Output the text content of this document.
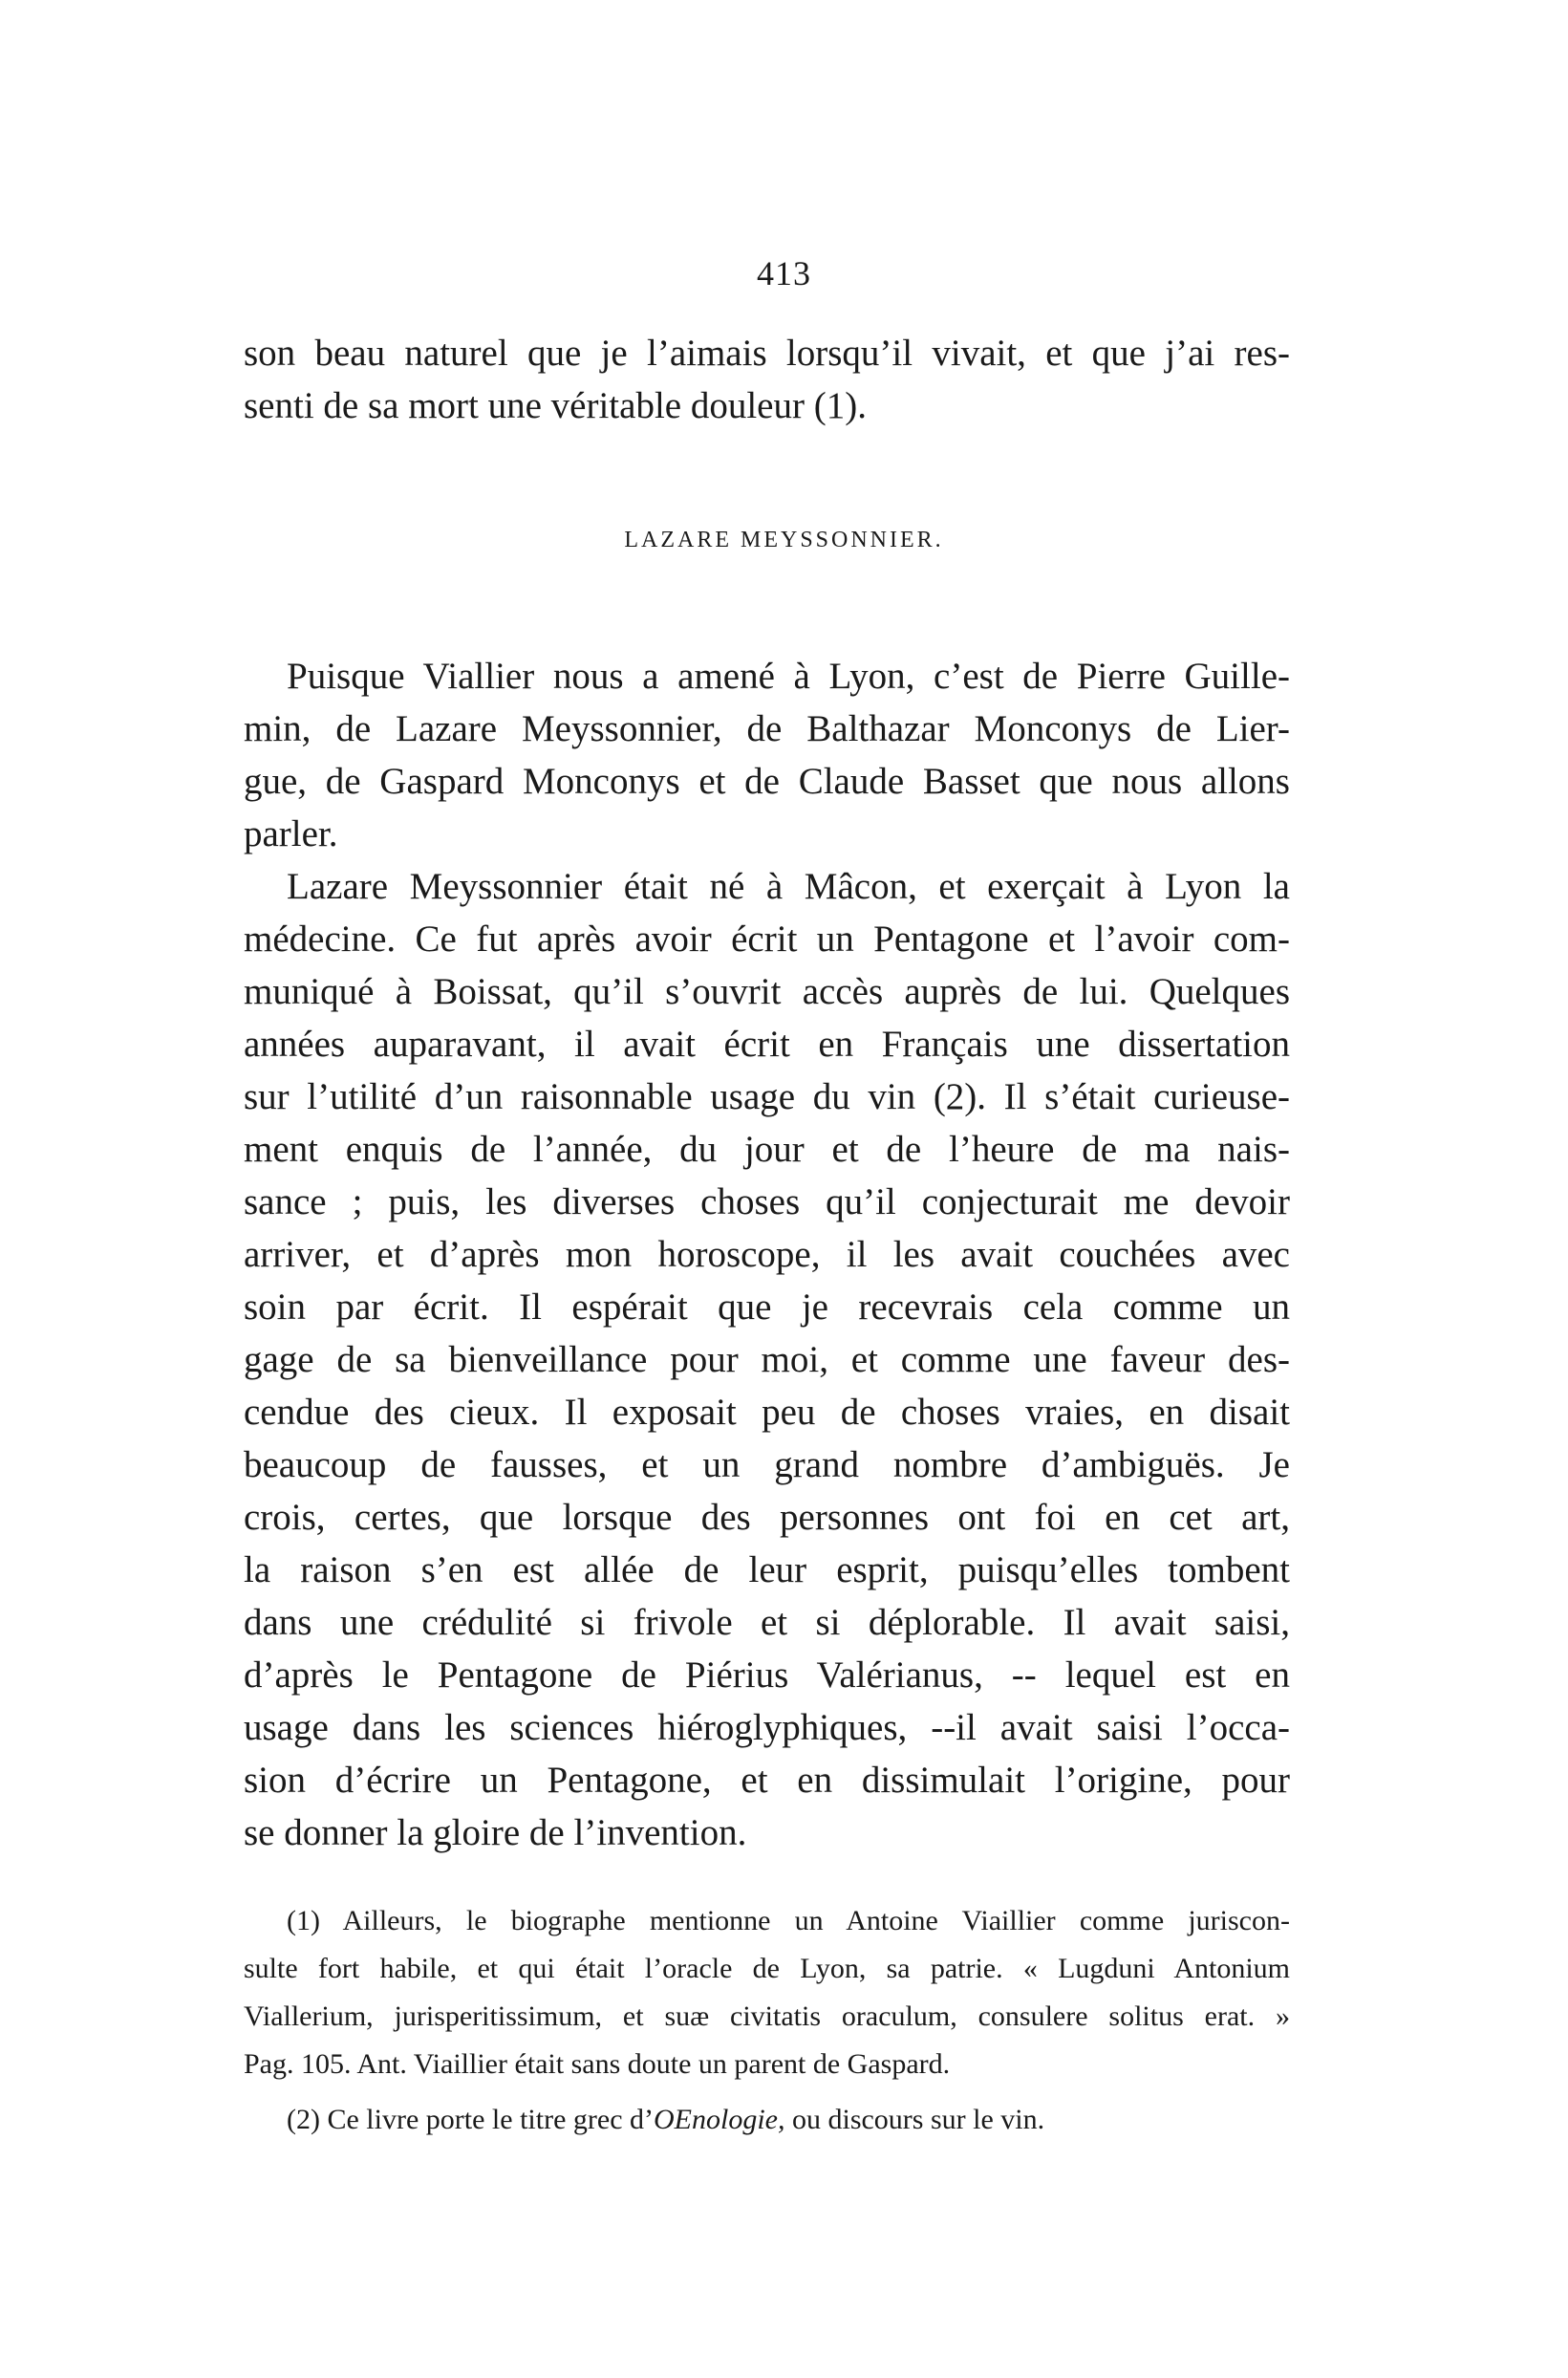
413
son beau naturel que je l’aimais lorsqu’il vivait, et que j’ai res-
senti de sa mort une véritable douleur (1).
LAZARE MEYSSONNIER.
Puisque Viallier nous a amené à Lyon, c’est de Pierre Guille-
min, de Lazare Meyssonnier, de Balthazar Monconys de Lier-
gue, de Gaspard Monconys et de Claude Basset que nous allons
parler.
Lazare Meyssonnier était né à Mâcon, et exerçait à Lyon la
médecine. Ce fut après avoir écrit un Pentagone et l’avoir com-
muniqué à Boissat, qu’il s’ouvrit accès auprès de lui. Quelques
années auparavant, il avait écrit en Français une dissertation
sur l’utilité d’un raisonnable usage du vin (2). Il s’était curieuse-
ment enquis de l’année, du jour et de l’heure de ma nais-
sance ; puis, les diverses choses qu’il conjecturait me devoir
arriver, et d’après mon horoscope, il les avait couchées avec
soin par écrit. Il espérait que je recevrais cela comme un
gage de sa bienveillance pour moi, et comme une faveur des-
cendue des cieux. Il exposait peu de choses vraies, en disait
beaucoup de fausses, et un grand nombre d’ambiguës. Je
crois, certes, que lorsque des personnes ont foi en cet art,
la raison s’en est allée de leur esprit, puisqu’elles tombent
dans une crédulité si frivole et si déplorable. Il avait saisi,
d’après le Pentagone de Piérius Valérianus, -- lequel est en
usage dans les sciences hiéroglyphiques, --il avait saisi l’occa-
sion d’écrire un Pentagone, et en dissimulait l’origine, pour
se donner la gloire de l’invention.
(1) Ailleurs, le biographe mentionne un Antoine Viaillier comme juriscon-
sulte fort habile, et qui était l’oracle de Lyon, sa patrie. « Lugduni Antonium
Viallerium, jurisperitissimum, et suæ civitatis oraculum, consulere solitus erat. »
Pag. 105. Ant. Viaillier était sans doute un parent de Gaspard.
(2) Ce livre porte le titre grec d’OEnologie, ou discours sur le vin.
